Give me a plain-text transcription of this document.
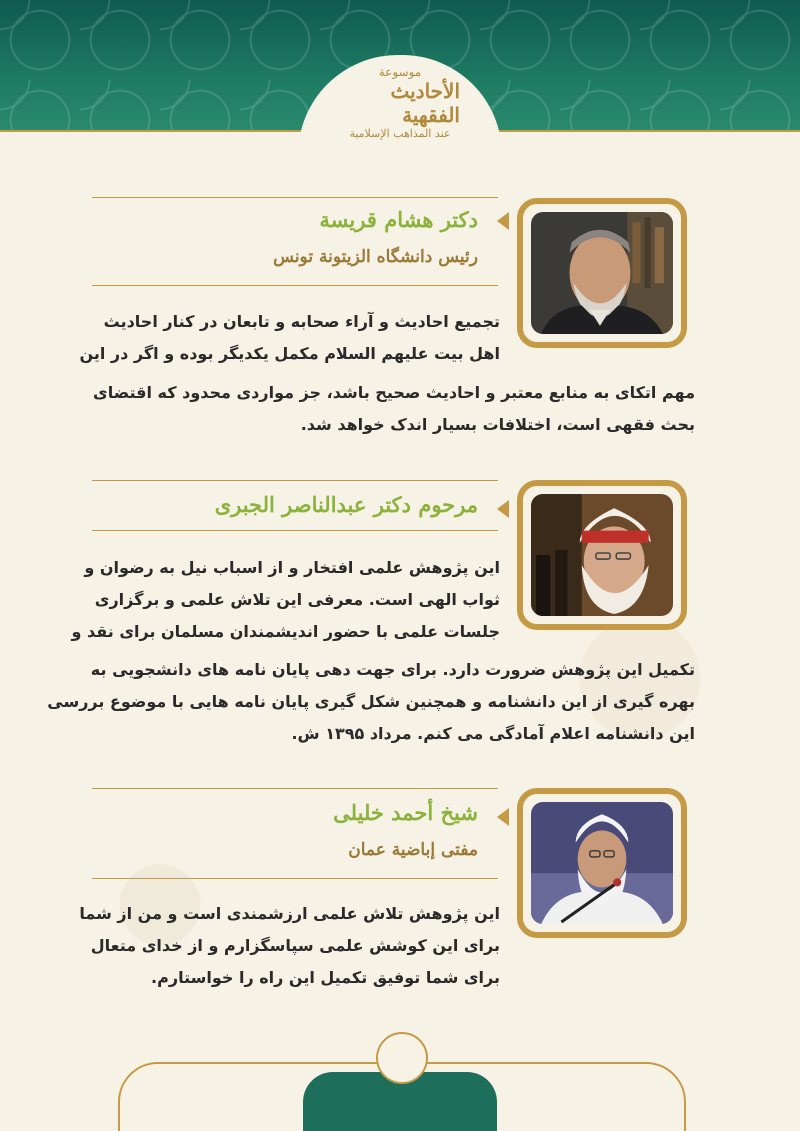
موسوعة
الأحاديث الفقهية
عند المذاهب الإسلامية
دکتر هشام قریسة
رئیس دانشگاه الزیتونة تونس
تجمیع احادیث و آراء صحابه و تابعان در کنار احادیث
اهل بیت علیهم السلام مکمل یکدیگر بوده و اگر در این
مهم اتکای به منابع معتبر و احادیث صحیح باشد، جز مواردی محدود که اقتضای
بحث فقهی است، اختلافات بسیار اندک خواهد شد.
مرحوم دکتر عبدالناصر الجبری
این پژوهش علمی افتخار و از اسباب نیل به رضوان و
ثواب الهی است. معرفی این تلاش علمی و برگزاری
جلسات علمی با حضور اندیشمندان مسلمان برای نقد و
تکمیل این پژوهش ضرورت دارد. برای جهت دهی پایان نامه های دانشجویی به
بهره گیری از این دانشنامه و همچنین شکل گیری پایان نامه هایی با موضوع بررسی
این دانشنامه اعلام آمادگی می کنم. مرداد ۱۳۹۵ ش.
شیخ أحمد خلیلی
مفتی إباضیة عمان
این پژوهش تلاش علمی ارزشمندی است و من از شما
برای این کوشش علمی سپاسگزارم و از خدای متعال
برای شما توفیق تکمیل این راه را خواستارم.
